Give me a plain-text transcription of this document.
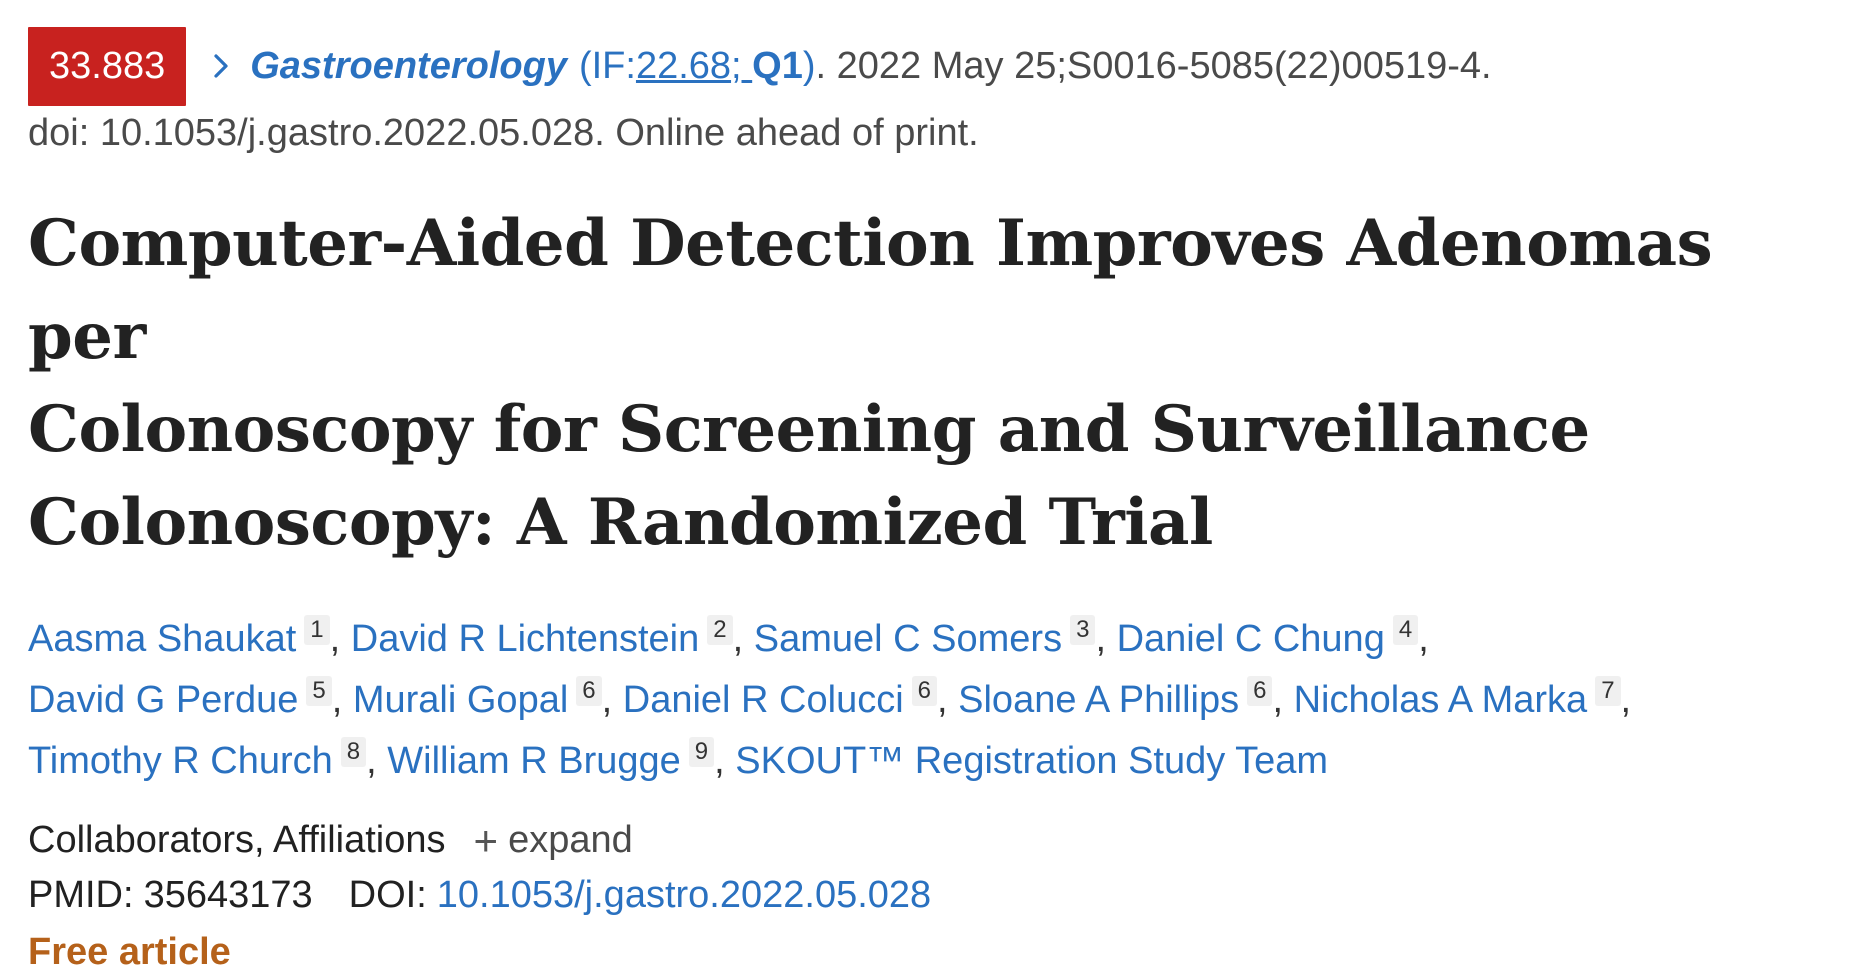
33.883	Gastroenterology (IF: 22.68 ; Q1 ) . 2022 May 25;S0016-5085(22)00519-4.
doi: 10.1053/j.gastro.2022.05.028. Online ahead of print.
Computer-Aided Detection Improves Adenomas per
Colonoscopy for Screening and Surveillance
Colonoscopy: A Randomized Trial
Aasma Shaukat 1 , David R Lichtenstein 2 , Samuel C Somers 3 , Daniel C Chung 4 ,
David G Perdue 5 , Murali Gopal 6 , Daniel R Colucci 6 , Sloane A Phillips 6 , Nicholas A Marka 7 ,
Timothy R Church 8 , William R Brugge 9 , SKOUT™ Registration Study Team
Collaborators, Affiliations + expand
PMID: 35643173 DOI: 10.1053/j.gastro.2022.05.028
Free article
